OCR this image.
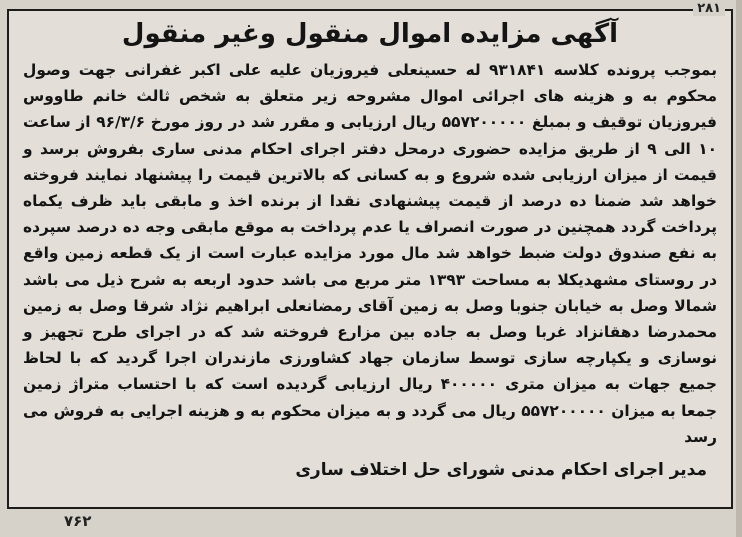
۲۸۱
آگهی مزایده اموال منقول وغیر منقول

بموجب پرونده کلاسه ۹۳۱۸۴۱ له حسینعلی فیروزیان علیه علی اکبر غفرانی جهت وصول محکوم به و هزینه های اجرائی اموال مشروحه زیر متعلق به شخص ثالث خانم طاووس فیروزیان توقیف و بمبلغ ۵۵۷۲۰۰۰۰۰ ریال ارزیابی و مقرر شد در روز مورخ ۹۶/۳/۶ از ساعت ۱۰ الی ۹ از طریق مزایده حضوری درمحل دفتر اجرای احکام مدنی ساری بفروش برسد و قیمت از میزان ارزیابی شده شروع و به کسانی که بالاترین قیمت را پیشنهاد نمایند فروخته خواهد شد ضمنا ده درصد از قیمت پیشنهادی نقدا از برنده اخذ و مابقی باید ظرف یکماه پرداخت گردد همچنین در صورت انصراف یا عدم پرداخت به موقع مابقی وجه ده درصد سپرده به نفع صندوق دولت ضبط خواهد شد مال مورد مزایده عبارت است از یک قطعه زمین واقع در روستای مشهدیکلا به مساحت ۱۳۹۳ متر مربع می باشد حدود اربعه به شرح ذیل می باشد شمالا وصل به خیابان جنوبا وصل به زمین آقای رمضانعلی ابراهیم نژاد شرقا وصل به زمین محمدرضا دهقانزاد غربا وصل به جاده بین مزارع فروخته شد که در اجرای طرح تجهیز و نوسازی و یکپارچه سازی توسط سازمان جهاد کشاورزی مازندران اجرا گردید که با لحاظ جمیع جهات به میزان متری ۴۰۰۰۰۰ ریال ارزیابی گردیده است که با احتساب متراژ زمین جمعا به میزان ۵۵۷۲۰۰۰۰۰ ریال می گردد و به میزان محکوم به و هزینه اجرایی به فروش می رسد

مدیر اجرای احکام مدنی شورای حل اختلاف ساری
۷۶۲
